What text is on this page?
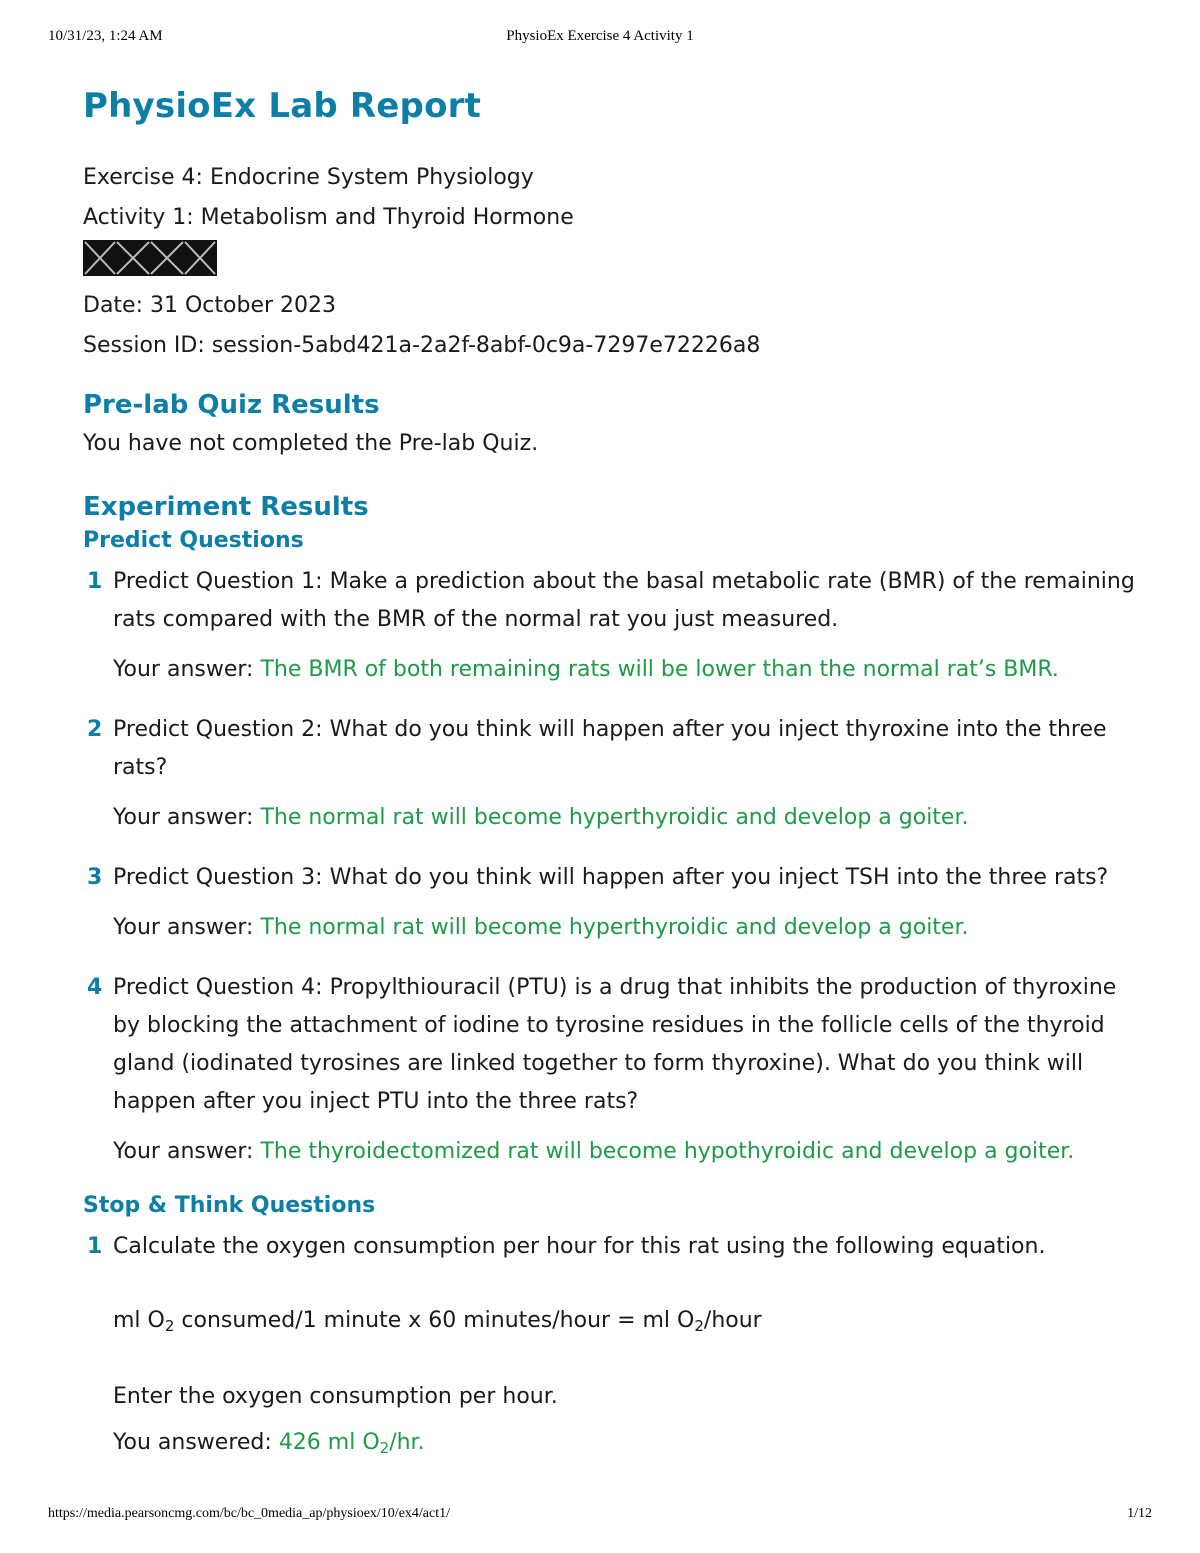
10/31/23, 1:24 AM	PhysioEx Exercise 4 Activity 1
PhysioEx Lab Report
Exercise 4: Endocrine System Physiology
Activity 1: Metabolism and Thyroid Hormone
Date: 31 October 2023
Session ID: session-5abd421a-2a2f-8abf-0c9a-7297e72226a8
Pre-lab Quiz Results
You have not completed the Pre-lab Quiz.
Experiment Results
Predict Questions
1 Predict Question 1: Make a prediction about the basal metabolic rate (BMR) of the remaining rats compared with the BMR of the normal rat you just measured.
Your answer: The BMR of both remaining rats will be lower than the normal rat’s BMR.
2 Predict Question 2: What do you think will happen after you inject thyroxine into the three rats?
Your answer: The normal rat will become hyperthyroidic and develop a goiter.
3 Predict Question 3: What do you think will happen after you inject TSH into the three rats?
Your answer: The normal rat will become hyperthyroidic and develop a goiter.
4 Predict Question 4: Propylthiouracil (PTU) is a drug that inhibits the production of thyroxine by blocking the attachment of iodine to tyrosine residues in the follicle cells of the thyroid gland (iodinated tyrosines are linked together to form thyroxine). What do you think will happen after you inject PTU into the three rats?
Your answer: The thyroidectomized rat will become hypothyroidic and develop a goiter.
Stop & Think Questions
1 Calculate the oxygen consumption per hour for this rat using the following equation.
ml $O_2$ consumed/1 minute x 60 minutes/hour = ml $O_2$/hour
Enter the oxygen consumption per hour.
You answered: 426 ml $O_2/hr$.
https://media.pearsoncmg.com/bc/bc_0media_ap/physioex/10/ex4/act1/	1/12
